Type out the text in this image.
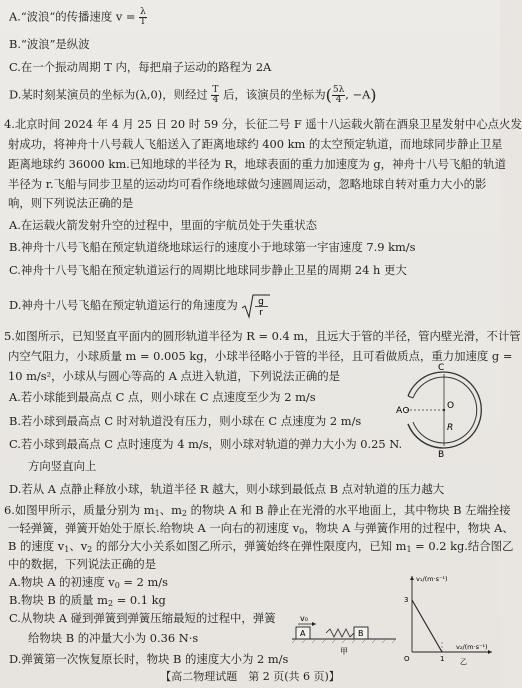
A.“波浪”的传播速度 $v = \frac{\lambda}{T}$
B.“波浪”是纵波
C.在一个振动周期 T 内，每把扇子运动的路程为 2A
D.某时刻某演员的坐标为(λ,0)，则经过 $\frac{T}{4}$ 后，该演员的坐标为( $\frac{5\lambda}{4}$ , −A)
4.北京时间 2024 年 4 月 25 日 20 时 59 分，长征二号 F 遥十八运载火箭在酒泉卫星发射中心点火发
射成功，将神舟十八号载人飞船送入了距离地球约 400 km 的太空预定轨道，而地球同步静止卫星
距离地球约 36000 km.已知地球的半径为 R，地球表面的重力加速度为 g，神舟十八号飞船的轨道
半径为 r.飞船与同步卫星的运动均可看作绕地球做匀速圆周运动，忽略地球自转对重力大小的影
响，则下列说法正确的是
A.在运载火箭发射升空的过程中，里面的宇航员处于失重状态
B.神舟十八号飞船在预定轨道绕地球运行的速度小于地球第一宇宙速度 7.9 km/s
C.神舟十八号飞船在预定轨道运行的周期比地球同步静止卫星的周期 24 h 更大
D.神舟十八号飞船在预定轨道运行的角速度为 g
r
5.如图所示，已知竖直平面内的圆形轨道半径为 R = 0.4 m，且远大于管的半径，管内壁光滑，不计管
内空气阻力，小球质量 m = 0.005 kg，小球半径略小于管的半径，且可看做质点，重力加速度 g =
10 m/s²，小球从与圆心等高的 A 点进入轨道，下列说法正确的是
A.若小球能到最高点 C 点，则小球在 C 点速度至少为 2 m/s
B.若小球到最高点 C 时对轨道没有压力，则小球在 C 点速度为 2 m/s
C.若小球到最高点 C 点时速度为 4 m/s，则小球对轨道的弹力大小为 0.25 N.
方向竖直向上
D.若从 A 点静止释放小球，轨道半径 R 越大，则小球到最低点 B 点对轨道的压力越大
C
O
R
A
B
6.如图甲所示，质量分别为 $m_1$、$m_2$ 的物块 A 和 B 静止在光滑的水平地面上，其中物块 B 左端拴接
一轻弹簧，弹簧开始处于原长.给物块 A 一向右的初速度 $v_0$，物块 A 与弹簧作用的过程中，物块 A、
B 的速度 $v_1$、$v_2$ 的部分大小关系如图乙所示，弹簧始终在弹性限度内，已知 $m_1 = 0.2$ kg.结合图乙
中的数据，下列说法正确的是
A.物块 A 的初速度 $v_0 = 2$ m/s
B.物块 B 的质量 $m_2 = 0.1$ kg
C.从物块 A 碰到弹簧到弹簧压缩最短的过程中，弹簧
给物块 B 的冲量大小为 0.36 N·s
v₀
A	B
甲
v₁/(m·s⁻¹)
v₂/(m·s⁻¹)
3
1
O	乙
【高二物理试题　第 2 页(共 6 页)】
D.弹簧第一次恢复原长时，物块 B 的速度大小为 2 m/s
